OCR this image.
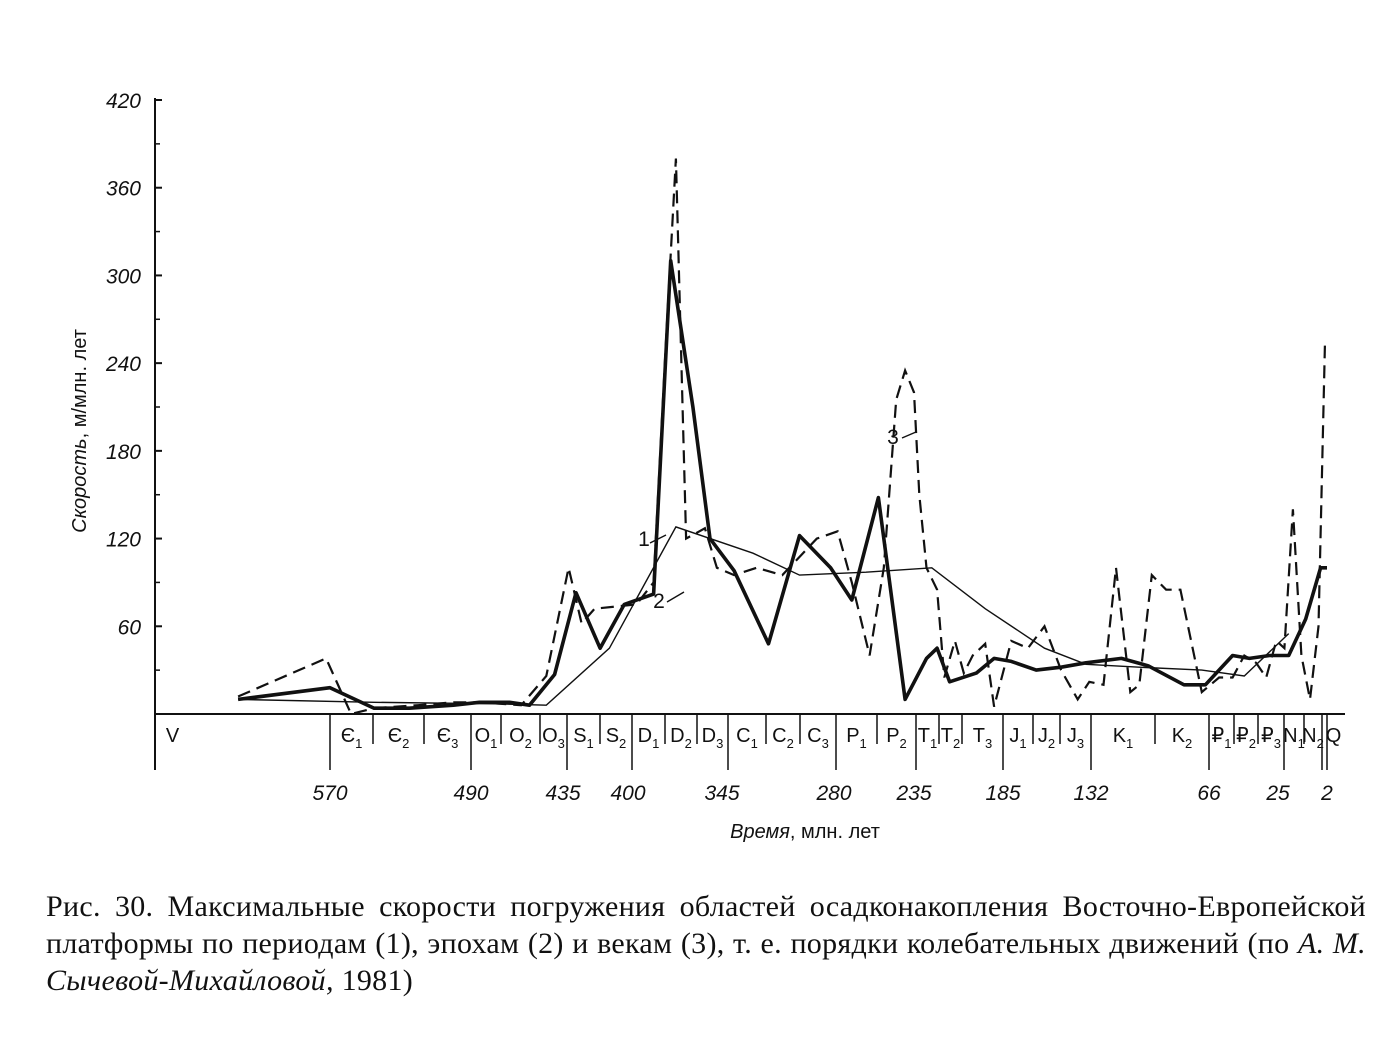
60
120
180
240
300
360
420
V	$Є_1$ $Є_2$ $Є_3$ $O_1$ $O_2$ $O_3$ $S_1$ $S_2$ $D_1$ $D_2$ $D_3$ $C_1$ $C_2$ $C_3$ $P_1$ $P_2$ $T_1$ $T_2$ $T_3$ $J_1$ $J_2$ $J_3$ $K_1$ $K_2$ $₽_1$ $₽_2$ $₽_3$ $N_1$
$N_2$ Q
570	490	435 400	345	280 235	185	132	66 25 2
1
2
3
Скорость, м/млн. лет
Время, млн. лет
Рис. 30. Максимальные скорости погружения областей осадконакопления Восточно-Европейской платформы по периодам (1), эпохам (2) и векам (3), т. е. порядки колебательных движений (по А. М. Сычевой-Михайловой, 1981)
